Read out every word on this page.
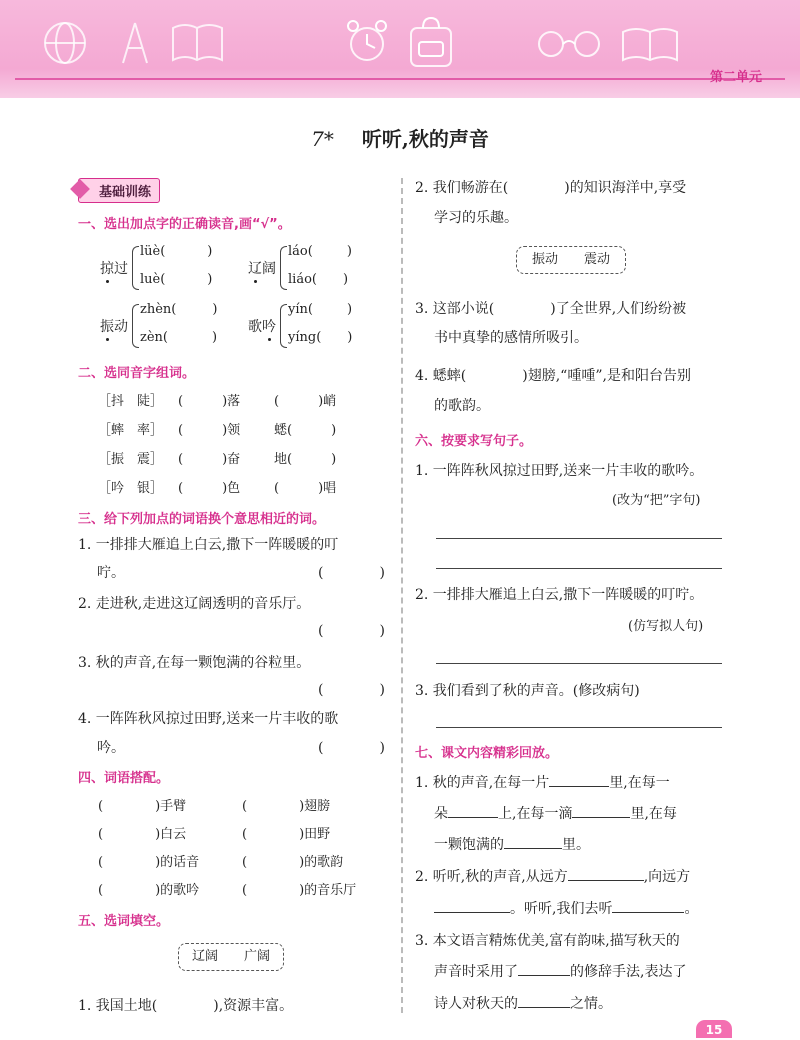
第二单元
7* 听听,秋的声音
基础训练
一、选出加点字的正确读音,画“√”。
掠过
lüè(	)
luè(	)
辽阔
láo(	)
liáo( )
振动
zhèn(	)
zèn(	)
歌吟
yín(	)
yíng( )
二、选同音字组词。
［抖　陡］ (　　　)落	(　　　)峭
［蟀　率］ (　　　)领	蟋(　　　)
［振　震］ (　　　)奋	地(　　　)
［吟　银］ (　　　)色	(　　　)唱
三、给下列加点的词语换个意思相近的词。
1. 一排排大雁追上白云,撒下一阵暖暖的叮
咛。	(　　　　)
2. 走进秋,走进这辽阔透明的音乐厅。
(　　　　)
3. 秋的声音,在每一颗饱满的谷粒里。
(　　　　)
4. 一阵阵秋风掠过田野,送来一片丰收的歌
吟。	(　　　　)
四、词语搭配。
(　　　　)手臂	(　　　　)翅膀
(　　　　)白云	(　　　　)田野
(　　　　)的话音	(　　　　)的歌韵
(　　　　)的歌吟	(　　　　)的音乐厅
五、选词填空。
辽阔　　广阔
1. 我国土地(　　　　),资源丰富。
2. 我们畅游在(　　　　)的知识海洋中,享受
学习的乐趣。
振动　　震动
3. 这部小说(　　　　)了全世界,人们纷纷被
书中真挚的感情所吸引。
4. 蟋蟀(　　　　)翅膀,“喠喠”,是和阳台告别
的歌韵。
六、按要求写句子。
1. 一阵阵秋风掠过田野,送来一片丰收的歌吟。
(改为“把”字句)
2. 一排排大雁追上白云,撒下一阵暖暖的叮咛。
(仿写拟人句)
3. 我们看到了秋的声音。(修改病句)
七、课文内容精彩回放。
1. 秋的声音,在每一片	里,在每一
朵	上,在每一滴	里,在每
一颗饱满的	里。
2. 听听,秋的声音,从远方	,向远方
。听听,我们去听	。
3. 本文语言精炼优美,富有韵味,描写秋天的
声音时采用了	的修辞手法,表达了
诗人对秋天的	之情。
15
